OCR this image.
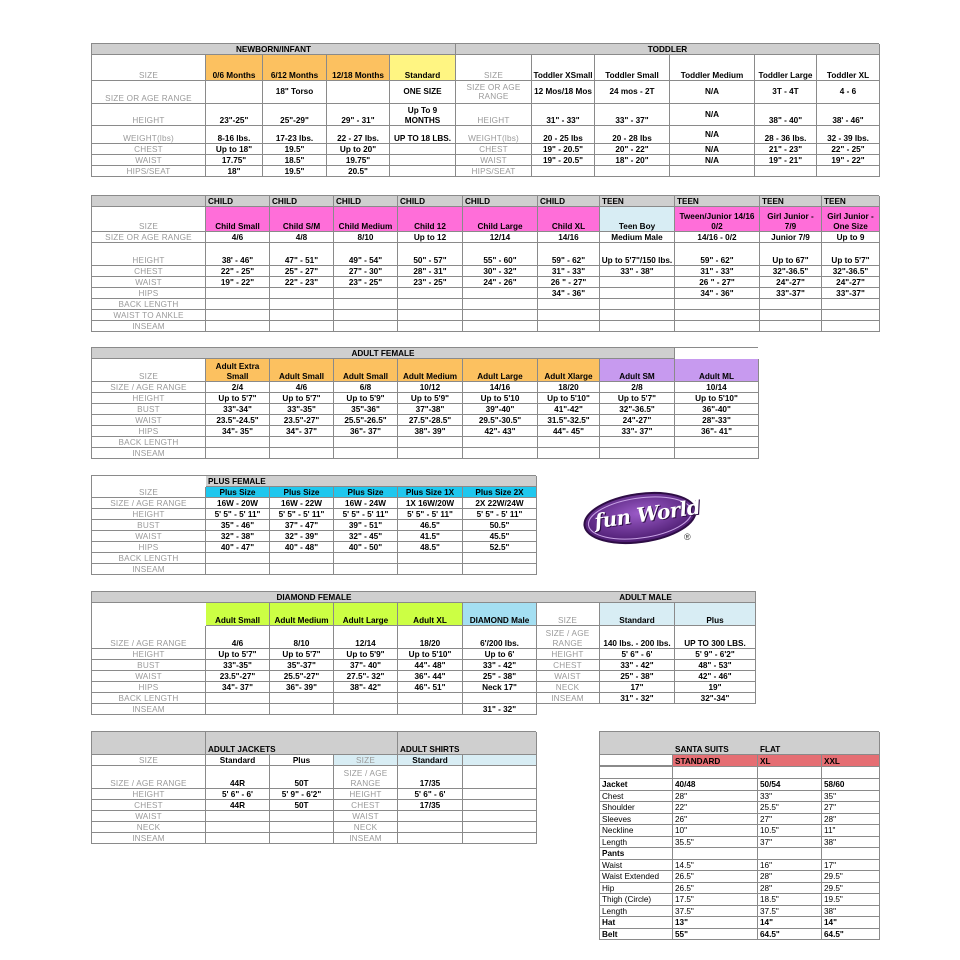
NEWBORN/INFANT	TODDLER
SIZE	0/6 Months	6/12 Months	12/18 Months	Standard	SIZE	Toddler XSmall	Toddler Small	Toddler Medium	Toddler Large	Toddler XL
SIZE OR AGE RANGE
18" Torso	ONE SIZE
SIZE OR AGE RANGE
12 Mos/18 Mos	24 mos - 2T	N/A	3T - 4T	4 - 6
HEIGHT	23"-25"	25"-29"	29" - 31"
Up To 9 MONTHS	HEIGHT	31" - 33"	33" - 37"
N/A
38" - 40"	38' - 46"
WEIGHT(lbs)	8-16 lbs.	17-23 lbs.	22 - 27 lbs.	UP TO 18 LBS.	WEIGHT(lbs)	20 - 25 lbs	20 - 28 lbs	N/A	28 - 36 lbs.	32 - 39 lbs.
CHEST	Up to 18"	19.5"	Up to 20"	CHEST	19" - 20.5"	20" - 22"	N/A	21" - 23"	22" - 25"
WAIST	17.75"	18.5"	19.75"	WAIST	19" - 20.5"	18" - 20"	N/A	19" - 21"	19" - 22"
HIPS/SEAT	18"	19.5"	20.5"	HIPS/SEAT
CHILD	CHILD	CHILD	CHILD	CHILD	CHILD	TEEN	TEEN	TEEN	TEEN
SIZE	Child Small	Child S/M	Child Medium	Child 12	Child Large	Child XL	Teen Boy
Tween/Junior 14/16 0/2
Girl Junior - 7/9
Girl Junior - One Size
SIZE OR AGE RANGE	4/6	4/8	8/10	Up to 12	12/14	14/16	Medium Male	14/16 - 0/2	Junior 7/9	Up to 9
HEIGHT	38' - 46"	47" - 51"	49" - 54"	50" - 57"	55" - 60"	59" - 62"	Up to 5'7"/150 lbs.	59" - 62"	Up to 67"	Up to 5'7"
CHEST	22" - 25"	25" - 27"	27" - 30"	28" - 31"	30" - 32"	31" - 33"	33" - 38"	31" - 33"	32"-36.5"	32"-36.5"
WAIST	19" - 22"	22" - 23"	23" - 25"	23" - 25"	24" - 26"	26 " - 27"	26 " - 27"	24"-27"	24"-27"
HIPS	34" - 36"	34" - 36"	33"-37"	33"-37"
BACK LENGTH
WAIST TO ANKLE
INSEAM
ADULT FEMALE
SIZE
Adult Extra Small	Adult Small	Adult Small	Adult Medium	Adult Large	Adult Xlarge	Adult SM	Adult ML
SIZE / AGE RANGE	2/4	4/6	6/8	10/12	14/16	18/20	2/8	10/14
HEIGHT	Up to 5'7"	Up to 5'7"	Up to 5'9"	Up to 5'9"	Up to 5'10	Up to 5'10"	Up to 5'7"	Up to 5'10"
BUST	33"-34"	33"-35"	35"-36"	37"-38"	39"-40"	41"-42"	32"-36.5"	36"-40"
WAIST	23.5"-24.5"	23.5"-27"	25.5"-26.5"	27.5"-28.5"	29.5"-30.5"	31.5"-32.5"	24"-27"	28"-33"
HIPS	34"- 35"	34"- 37"	36"- 37"	38"- 39"	42"- 43"	44"- 45"	33"- 37"	36"- 41"
BACK LENGTH
INSEAM
PLUS FEMALE
SIZE	Plus Size	Plus Size	Plus Size	Plus Size 1X	Plus Size 2X
SIZE / AGE RANGE	16W - 20W	16W - 22W	16W - 24W	1X 16W/20W	2X 22W/24W
HEIGHT	5' 5" - 5' 11"	5' 5" - 5' 11"	5' 5" - 5' 11"	5' 5" - 5' 11"	5' 5" - 5' 11"
BUST	35" - 46"	37" - 47"	39" - 51"	46.5"	50.5"
WAIST	32" - 38"	32" - 39"	32" - 45"	41.5"	45.5"
HIPS	40" - 47"	40" - 48"	40" - 50"	48.5"	52.5"
BACK LENGTH
INSEAM
fun World
®
DIAMOND FEMALE
Adult Small	Adult Medium	Adult Large	Adult XL	DIAMOND Male
SIZE / AGE RANGE	4/6	8/10	12/14	18/20	6'/200 lbs.
HEIGHT	Up to 5'7"	Up to 5'7"	Up to 5'9"	Up to 5'10"	Up to 6'
BUST	33"-35"	35"-37"	37"- 40"	44"- 48"	33" - 42"
WAIST	23.5"-27"	25.5"-27"	27.5"- 32"	36"- 44"	25" - 38"
HIPS	34"- 37"	36"- 39"	38"- 42"	46"- 51"	Neck 17"
BACK LENGTH
INSEAM	31" - 32"
ADULT MALE
SIZE	Standard	Plus
SIZE / AGE RANGE	140 lbs. - 200 lbs.	UP TO 300 LBS.
HEIGHT	5' 6" - 6'	5' 9" - 6'2"
CHEST	33" - 42"	48" - 53"
WAIST	25" - 38"	42" - 46"
NECK	17"	19"
INSEAM	31" - 32"	32"-34"
ADULT JACKETS	ADULT SHIRTS
SIZE	Standard	Plus	SIZE	Standard
SIZE / AGE RANGE	44R	50T
SIZE / AGE RANGE	17/35
HEIGHT	5' 6" - 6'	5' 9" - 6'2"	HEIGHT	5' 6" - 6'
CHEST	44R	50T	CHEST	17/35
WAIST	WAIST
NECK	NECK
INSEAM	INSEAM
SANTA SUITS	FLAT
STANDARD	XL	XXL
Jacket	40/48	50/54	58/60
Chest	28"	33"	35"
Shoulder	22"	25.5"	27"
Sleeves	26"	27"	28"
Neckline	10"	10.5"	11"
Length	35.5"	37"	38"
Pants
Waist	14.5"	16"	17"
Waist Extended	26.5"	28"	29.5"
Hip	26.5"	28"	29.5"
Thigh (Circle)	17.5"	18.5"	19.5"
Length	37.5"	37.5"	38"
Hat	13"	14"	14"
Belt	55"	64.5"	64.5"
